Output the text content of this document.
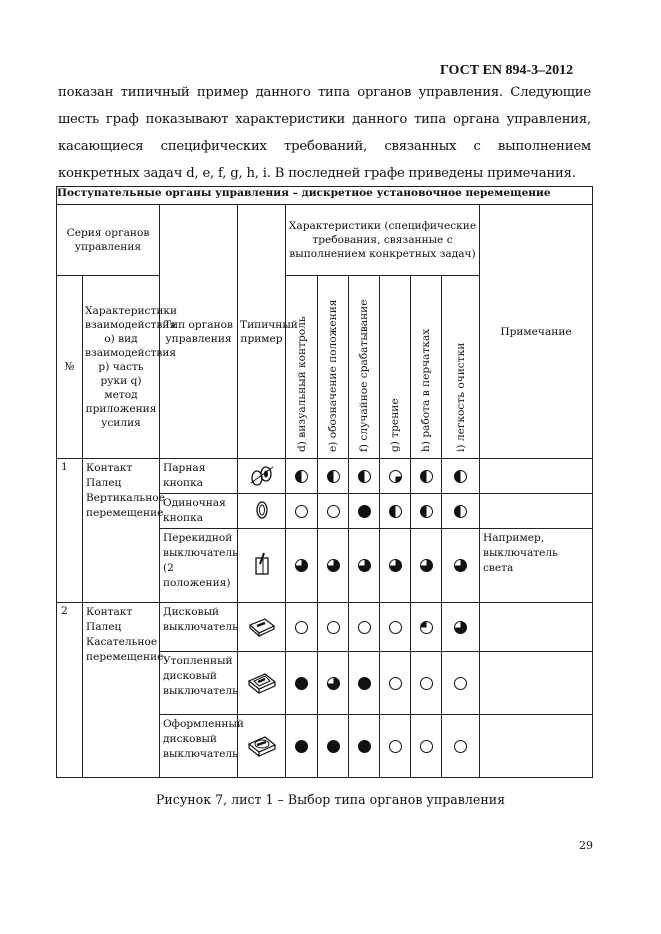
ГОСТ EN 894-3–2012
показан типичный пример данного типа органов управления. Следующие шесть граф показывают характеристики данного типа органа управления, касающиеся специфических требований, связанных с выполнением конкретных задач d, e, f, g, h, i. В последней графе приведены примечания.
Поступательные органы управления – дискретное установочное перемещение										
Серия органов управления		Тип органов управления	Типичный пример	Характеристики (специфические требования, связанные с выполнением конкретных задач)						Примечание
№	Характеристики взаимодействия o) вид взаимодействия p) часть руки q) метод приложения усилия			d) визуальный контроль	e) обозначение положения	f) случайное срабатывание	g) трение	h) работа в перчатках	i) легкость очистки	

1	Контакт Палец Вертикальное перемещение	Парная кнопка								
		Одиночная кнопка								
		Перекидной выключатель (2 положения)								Например, выключатель света
2	Контакт Палец Касательное перемещение	Дисковый выключатель								
		Утопленный дисковый выключатель								
		Оформленный дисковый выключатель								
Рисунок 7, лист 1 – Выбор типа органов управления
29
